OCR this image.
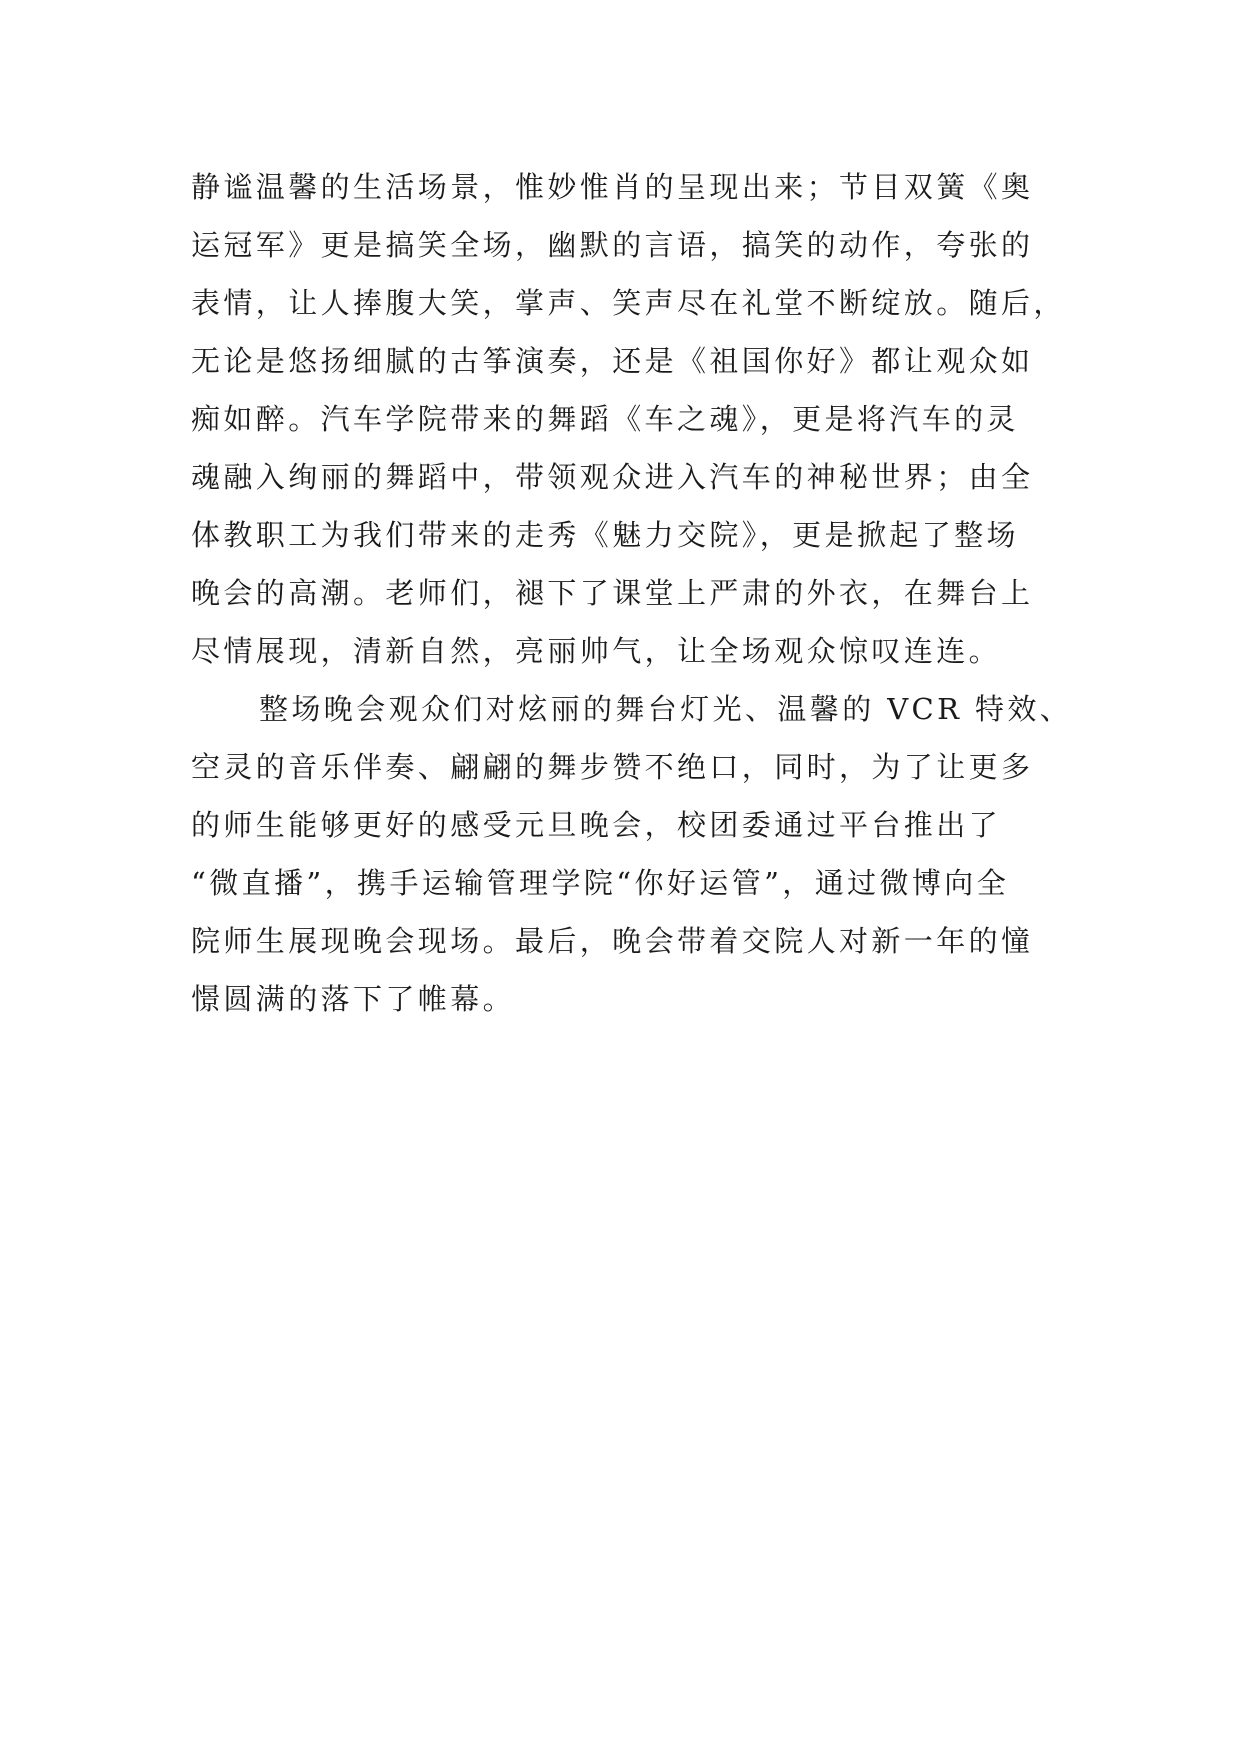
静谧温馨的生活场景，惟妙惟肖的呈现出来；节目双簧《奥
运冠军》更是搞笑全场，幽默的言语，搞笑的动作，夸张的
表情，让人捧腹大笑，掌声、笑声尽在礼堂不断绽放。随后，
无论是悠扬细腻的古筝演奏，还是《祖国你好》都让观众如
痴如醉。汽车学院带来的舞蹈《车之魂》，更是将汽车的灵
魂融入绚丽的舞蹈中，带领观众进入汽车的神秘世界；由全
体教职工为我们带来的走秀《魅力交院》，更是掀起了整场
晚会的高潮。老师们，褪下了课堂上严肃的外衣，在舞台上
尽情展现，清新自然，亮丽帅气，让全场观众惊叹连连。
整场晚会观众们对炫丽的舞台灯光、温馨的 VCR 特效、
空灵的音乐伴奏、翩翩的舞步赞不绝口，同时，为了让更多
的师生能够更好的感受元旦晚会，校团委通过平台推出了
“微直播”，携手运输管理学院“你好运管”，通过微博向全
院师生展现晚会现场。最后，晚会带着交院人对新一年的憧
憬圆满的落下了帷幕。
